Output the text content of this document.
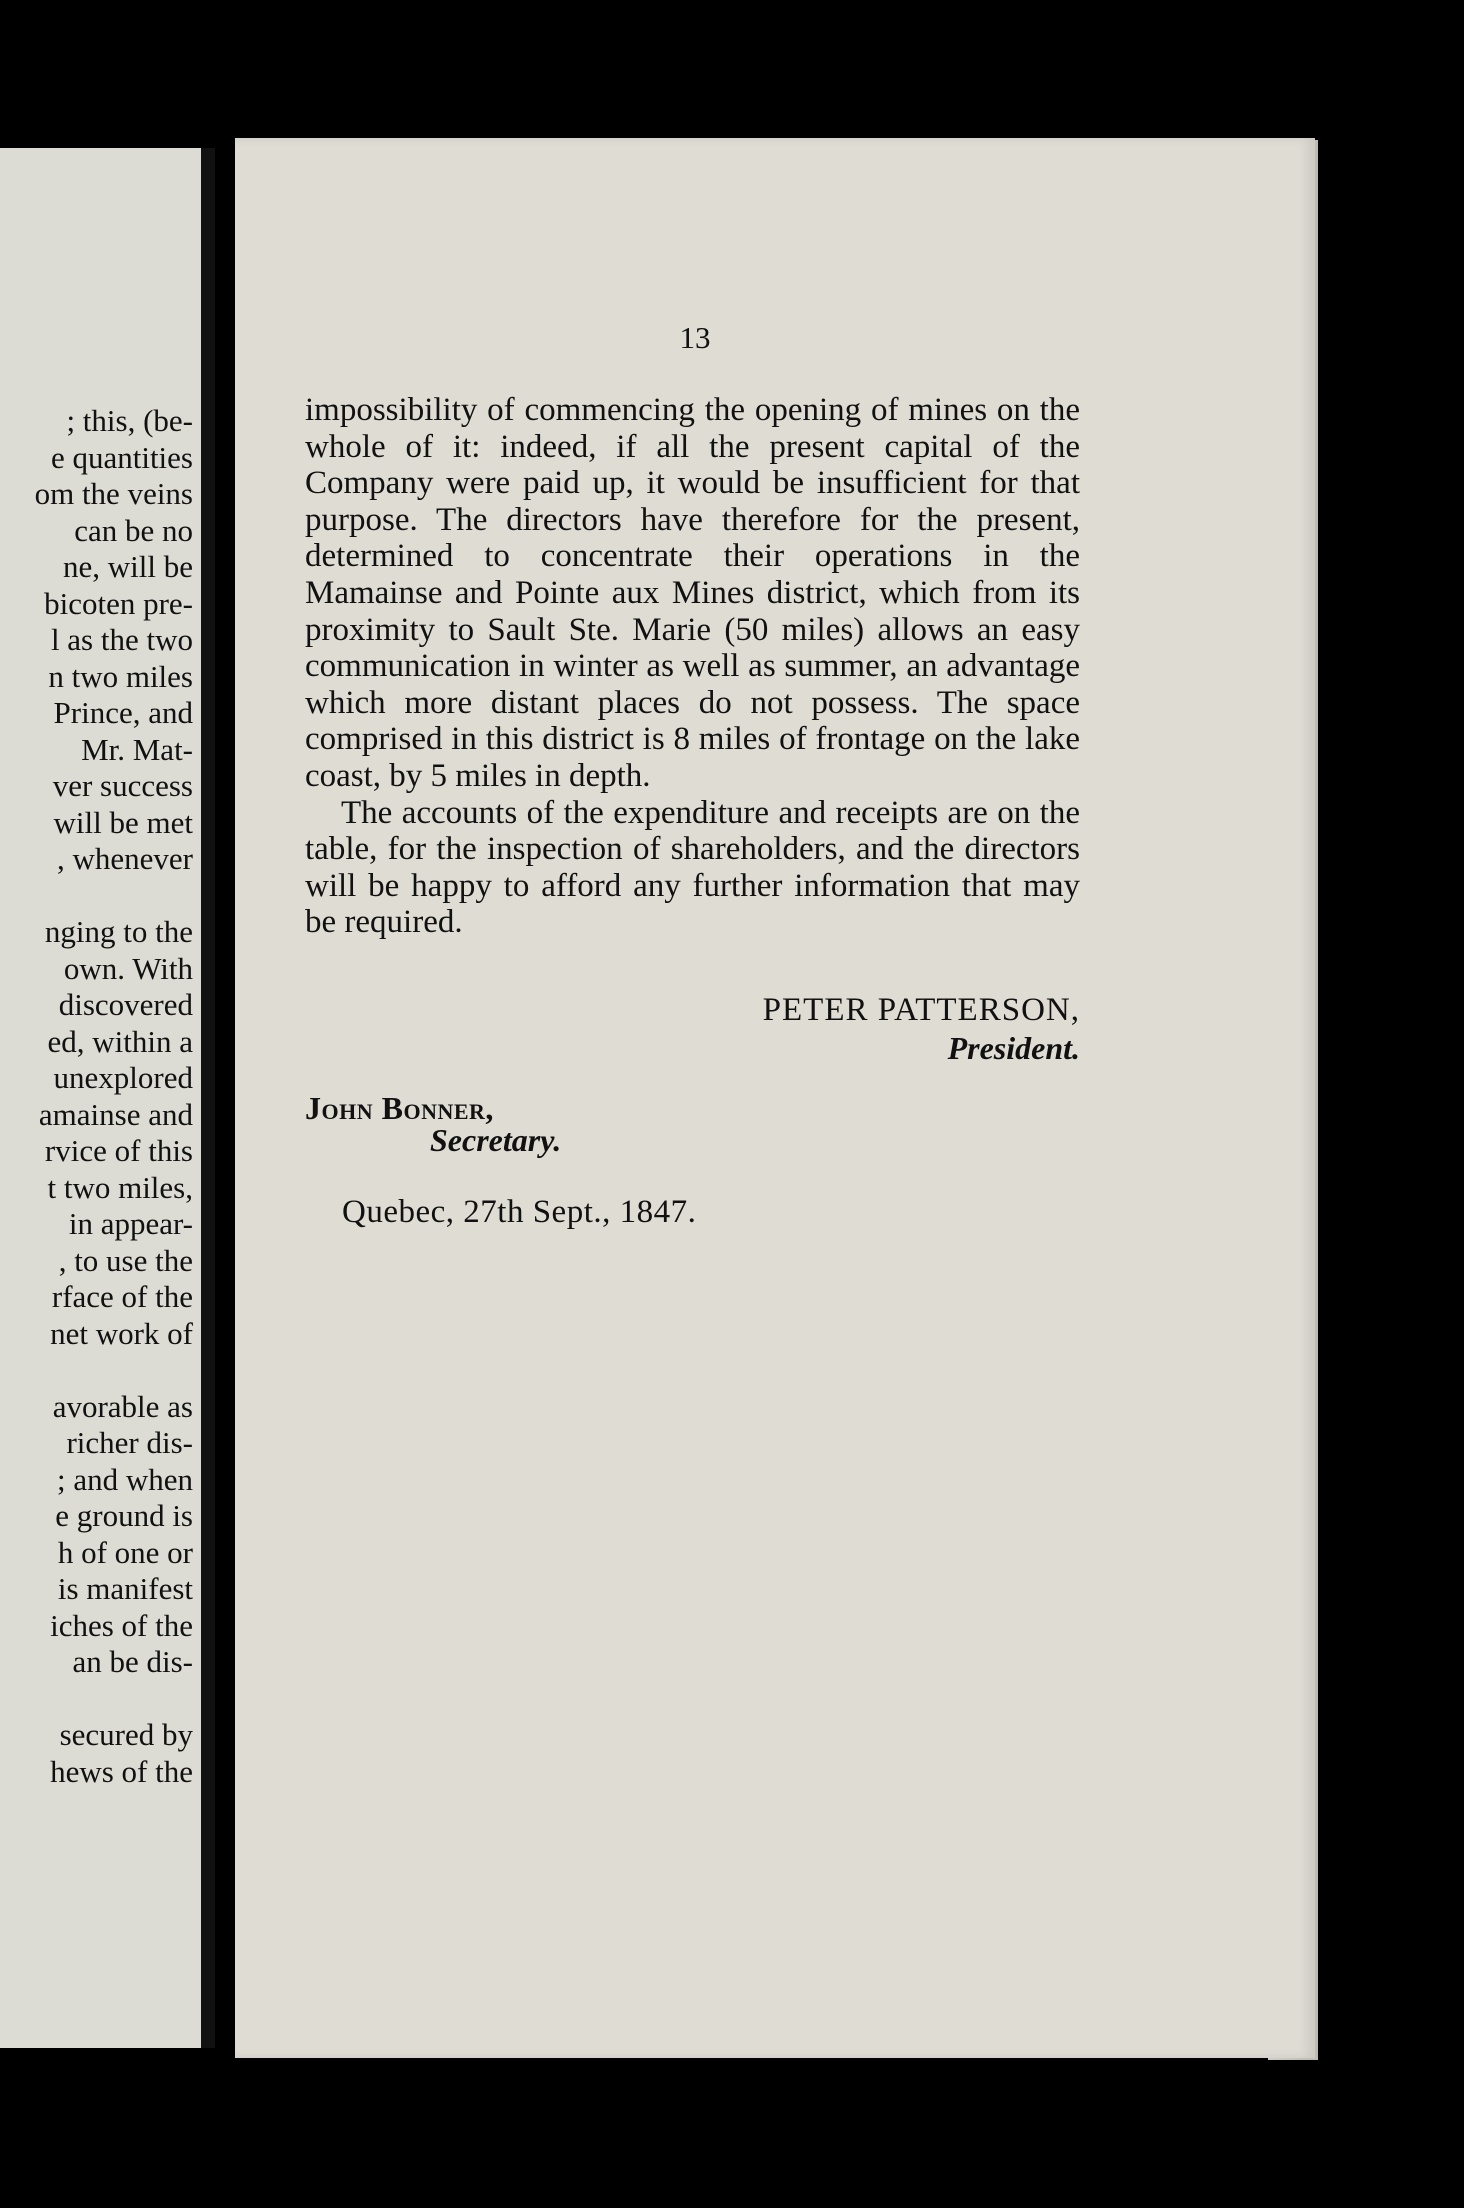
; this, (be-
e quantities
om the veins
can be no
ne, will be
bicoten pre-
l as the two
n two miles
Prince, and
Mr. Mat-
ver success
will be met
, whenever
nging to the
own. With
discovered
ed, within a
unexplored
amainse and
rvice of this
t two miles,
in appear-
, to use the
rface of the
net work of
avorable as
richer dis-
; and when
e ground is
h of one or
is manifest
iches of the
an be dis-
secured by
hews of the
13

impossibility of commencing the opening of mines on the whole of it: indeed, if all the present capital of the Company were paid up, it would be insufficient for that purpose. The directors have therefore for the present, determined to concentrate their operations in the Mamainse and Pointe aux Mines district, which from its proximity to Sault Ste. Marie (50 miles) allows an easy communication in winter as well as summer, an advantage which more distant places do not possess. The space comprised in this district is 8 miles of frontage on the lake coast, by 5 miles in depth.

The accounts of the expenditure and receipts are on the table, for the inspection of shareholders, and the directors will be happy to afford any further information that may be required.

PETER PATTERSON,
President.
John Bonner,
Secretary.
Quebec, 27th Sept., 1847.
